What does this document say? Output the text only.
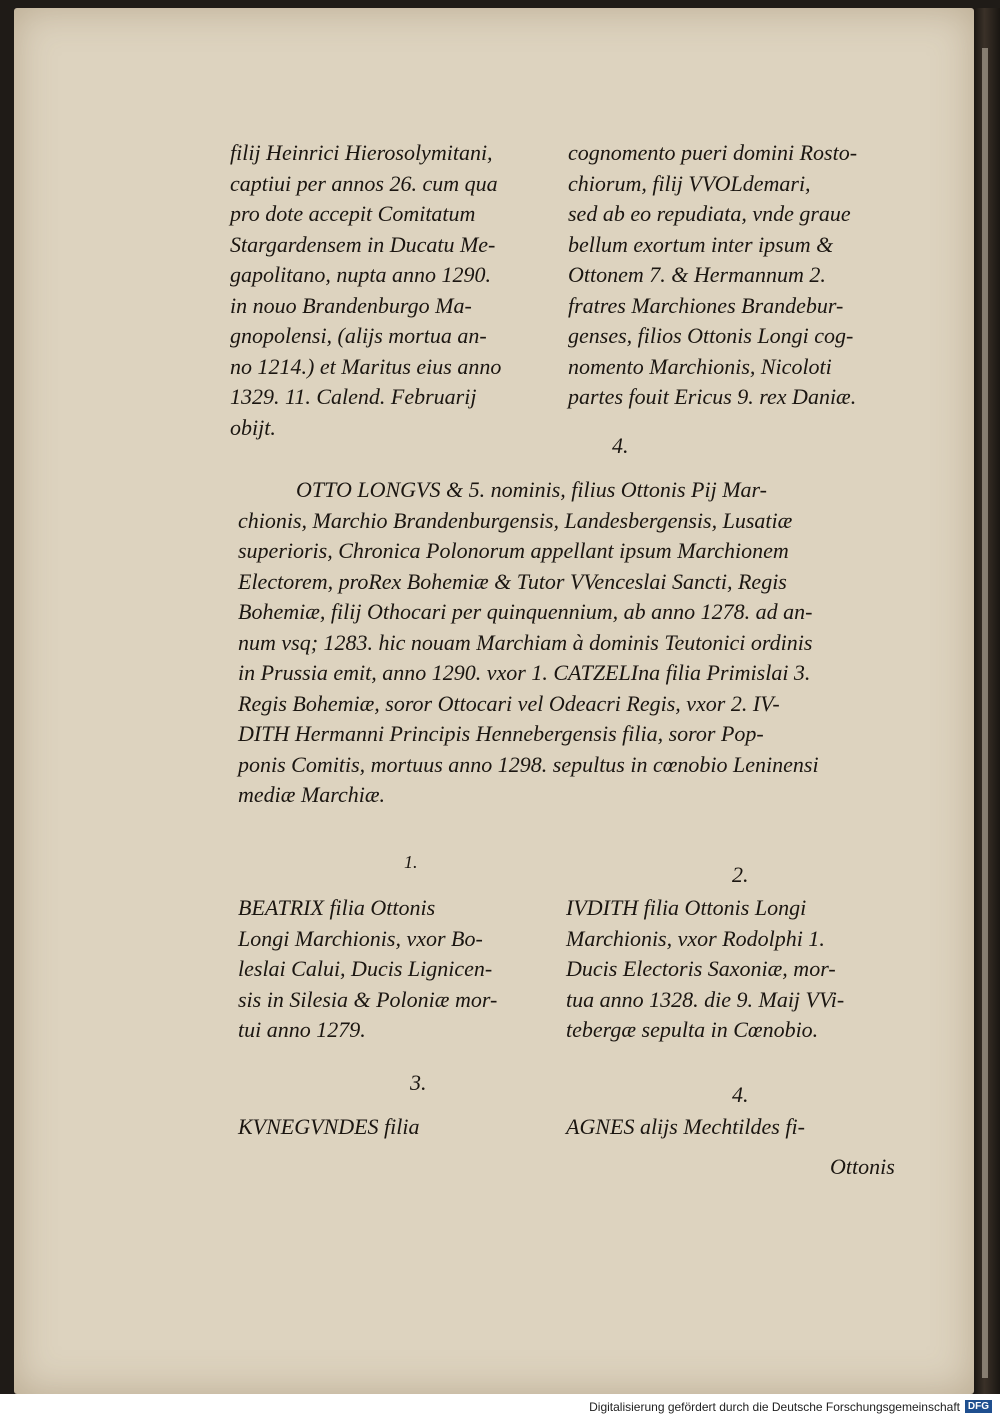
filij Heinrici Hierosolymitani,
captiui per annos 26. cum qua
pro dote accepit Comitatum
Stargardensem in Ducatu Me-
gapolitano, nupta anno 1290.
in nouo Brandenburgo Ma-
gnopolensi, (alijs mortua an-
no 1214.) et Maritus eius anno
1329. 11. Calend. Februarij
obijt.
cognomento pueri domini Rosto-
chiorum, filij VVOLdemari,
sed ab eo repudiata, vnde graue
bellum exortum inter ipsum &
Ottonem 7. & Hermannum 2.
fratres Marchiones Brandebur-
genses, filios Ottonis Longi cog-
nomento Marchionis, Nicoloti
partes fouit Ericus 9. rex Daniæ.
4.
OTTO LONGVS & 5. nominis, filius Ottonis Pij Mar-
chionis, Marchio Brandenburgensis, Landesbergensis, Lusatiæ
superioris, Chronica Polonorum appellant ipsum Marchionem
Electorem, proRex Bohemiæ & Tutor VVenceslai Sancti, Regis
Bohemiæ, filij Othocari per quinquennium, ab anno 1278. ad an-
num vsq; 1283. hic nouam Marchiam à dominis Teutonici ordinis
in Prussia emit, anno 1290. vxor 1. CATZELIna filia Primislai 3.
Regis Bohemiæ, soror Ottocari vel Odeacri Regis, vxor 2. IV-
DITH Hermanni Principis Hennebergensis filia, soror Pop-
ponis Comitis, mortuus anno 1298. sepultus in cœnobio Leninensi
mediæ Marchiæ.
1.	2.
BEATRIX filia Ottonis
Longi Marchionis, vxor Bo-
leslai Calui, Ducis Lignicen-
sis in Silesia & Poloniæ mor-
tui anno 1279.
IVDITH filia Ottonis Longi
Marchionis, vxor Rodolphi 1.
Ducis Electoris Saxoniæ, mor-
tua anno 1328. die 9. Maij VVi-
tebergæ sepulta in Cœnobio.
3.	4.
KVNEGVNDES filia	AGNES alijs Mechtildes fi-
Ottonis
Digitalisierung gefördert durch die Deutsche Forschungsgemeinschaft DFG
